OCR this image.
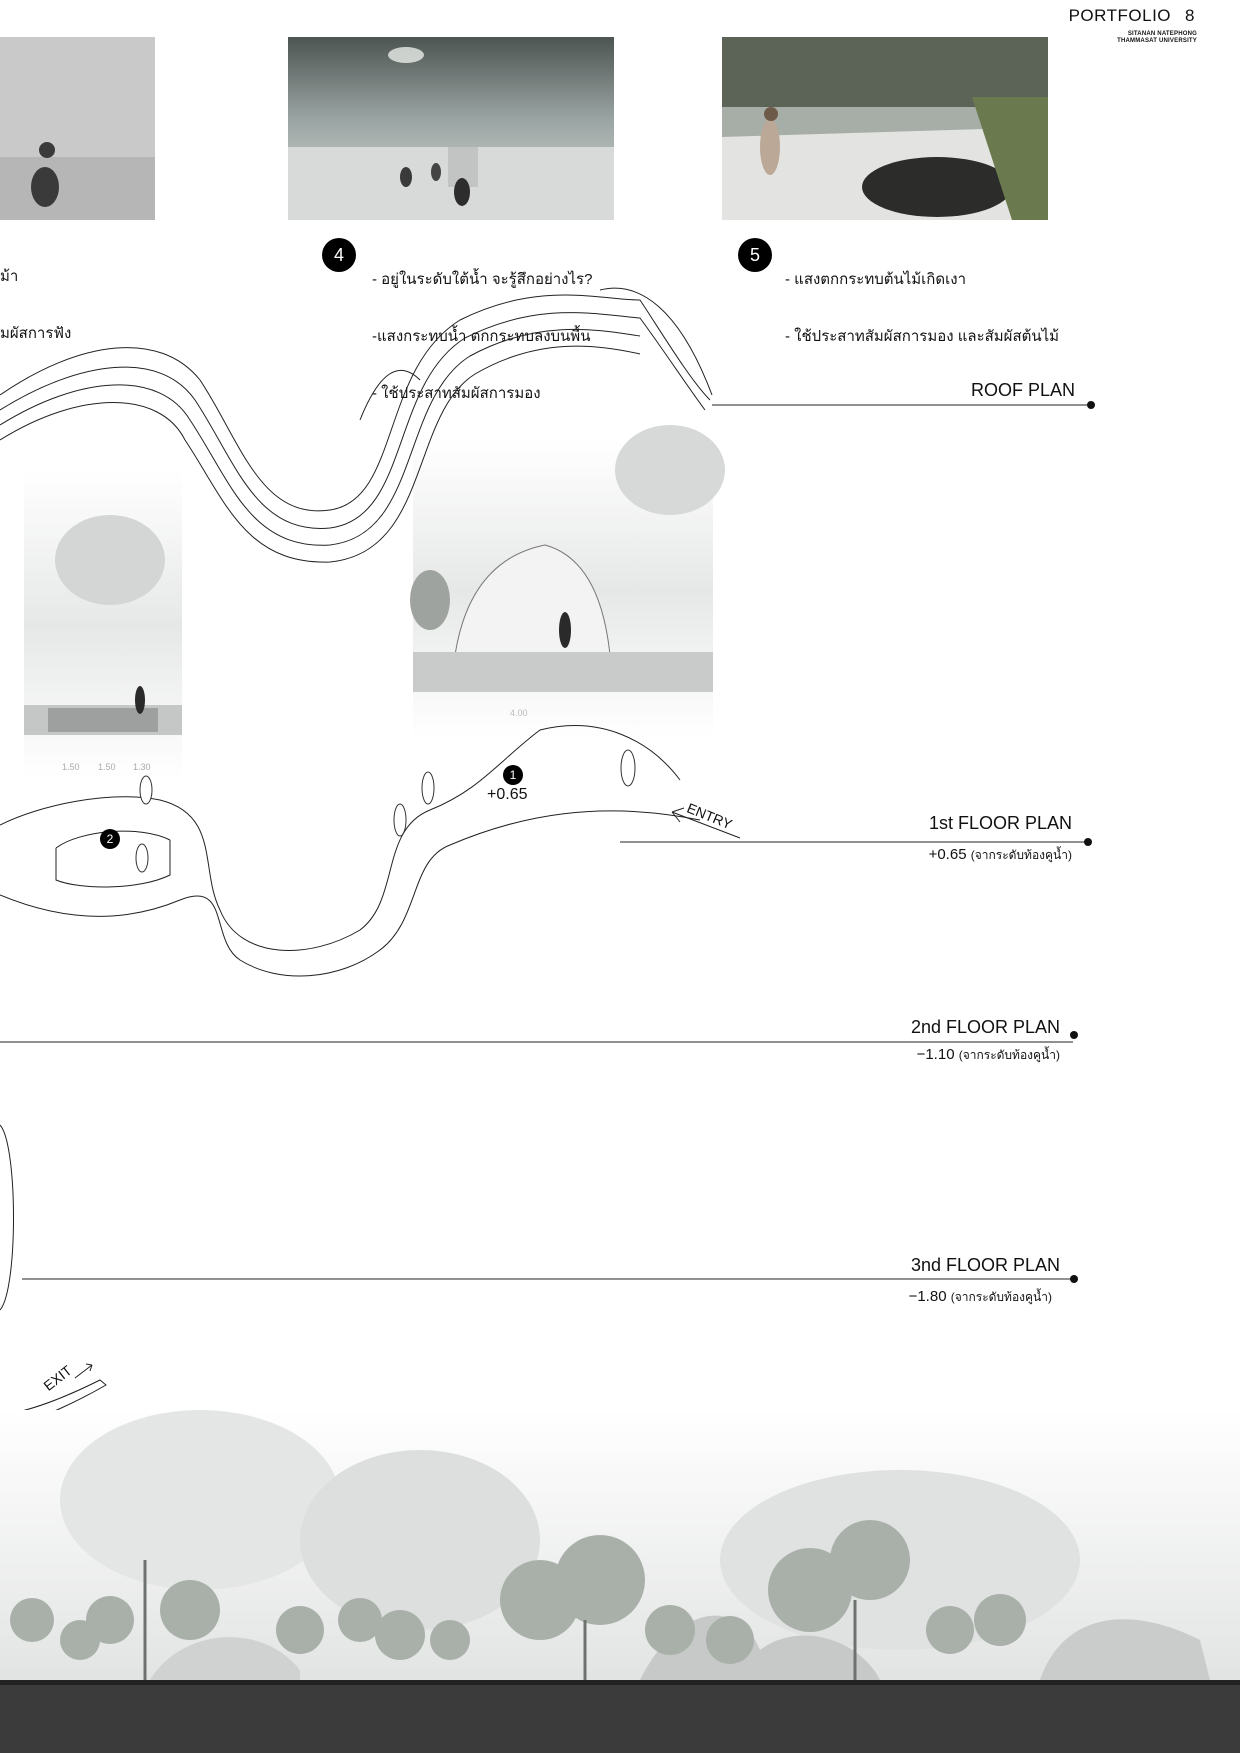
PORTFOLIO 8
SITANAN NATEPHONG
THAMMASAT UNIVERSITY

ม้า

มผัสการฟัง

4

- อยู่ในระดับใต้น้ำ จะรู้สึกอย่างไร?

-แสงกระทบน้ำ ตกกระทบลงบนพื้น

- ใช้ประสาทสัมผัสการมอง

5

- แสงตกกระทบต้นไม้เกิดเงา

- ใช้ประสาทสัมผัสการมอง และสัมผัสต้นไม้

1
+0.65
2
ENTRY
EXIT
1.50 1.50 1.30
4.00
ROOF PLAN
1st FLOOR PLAN
+0.65 (จากระดับท้องคูน้ำ)
2nd FLOOR PLAN
−1.10 (จากระดับท้องคูน้ำ)
3nd FLOOR PLAN
−1.80 (จากระดับท้องคูน้ำ)
